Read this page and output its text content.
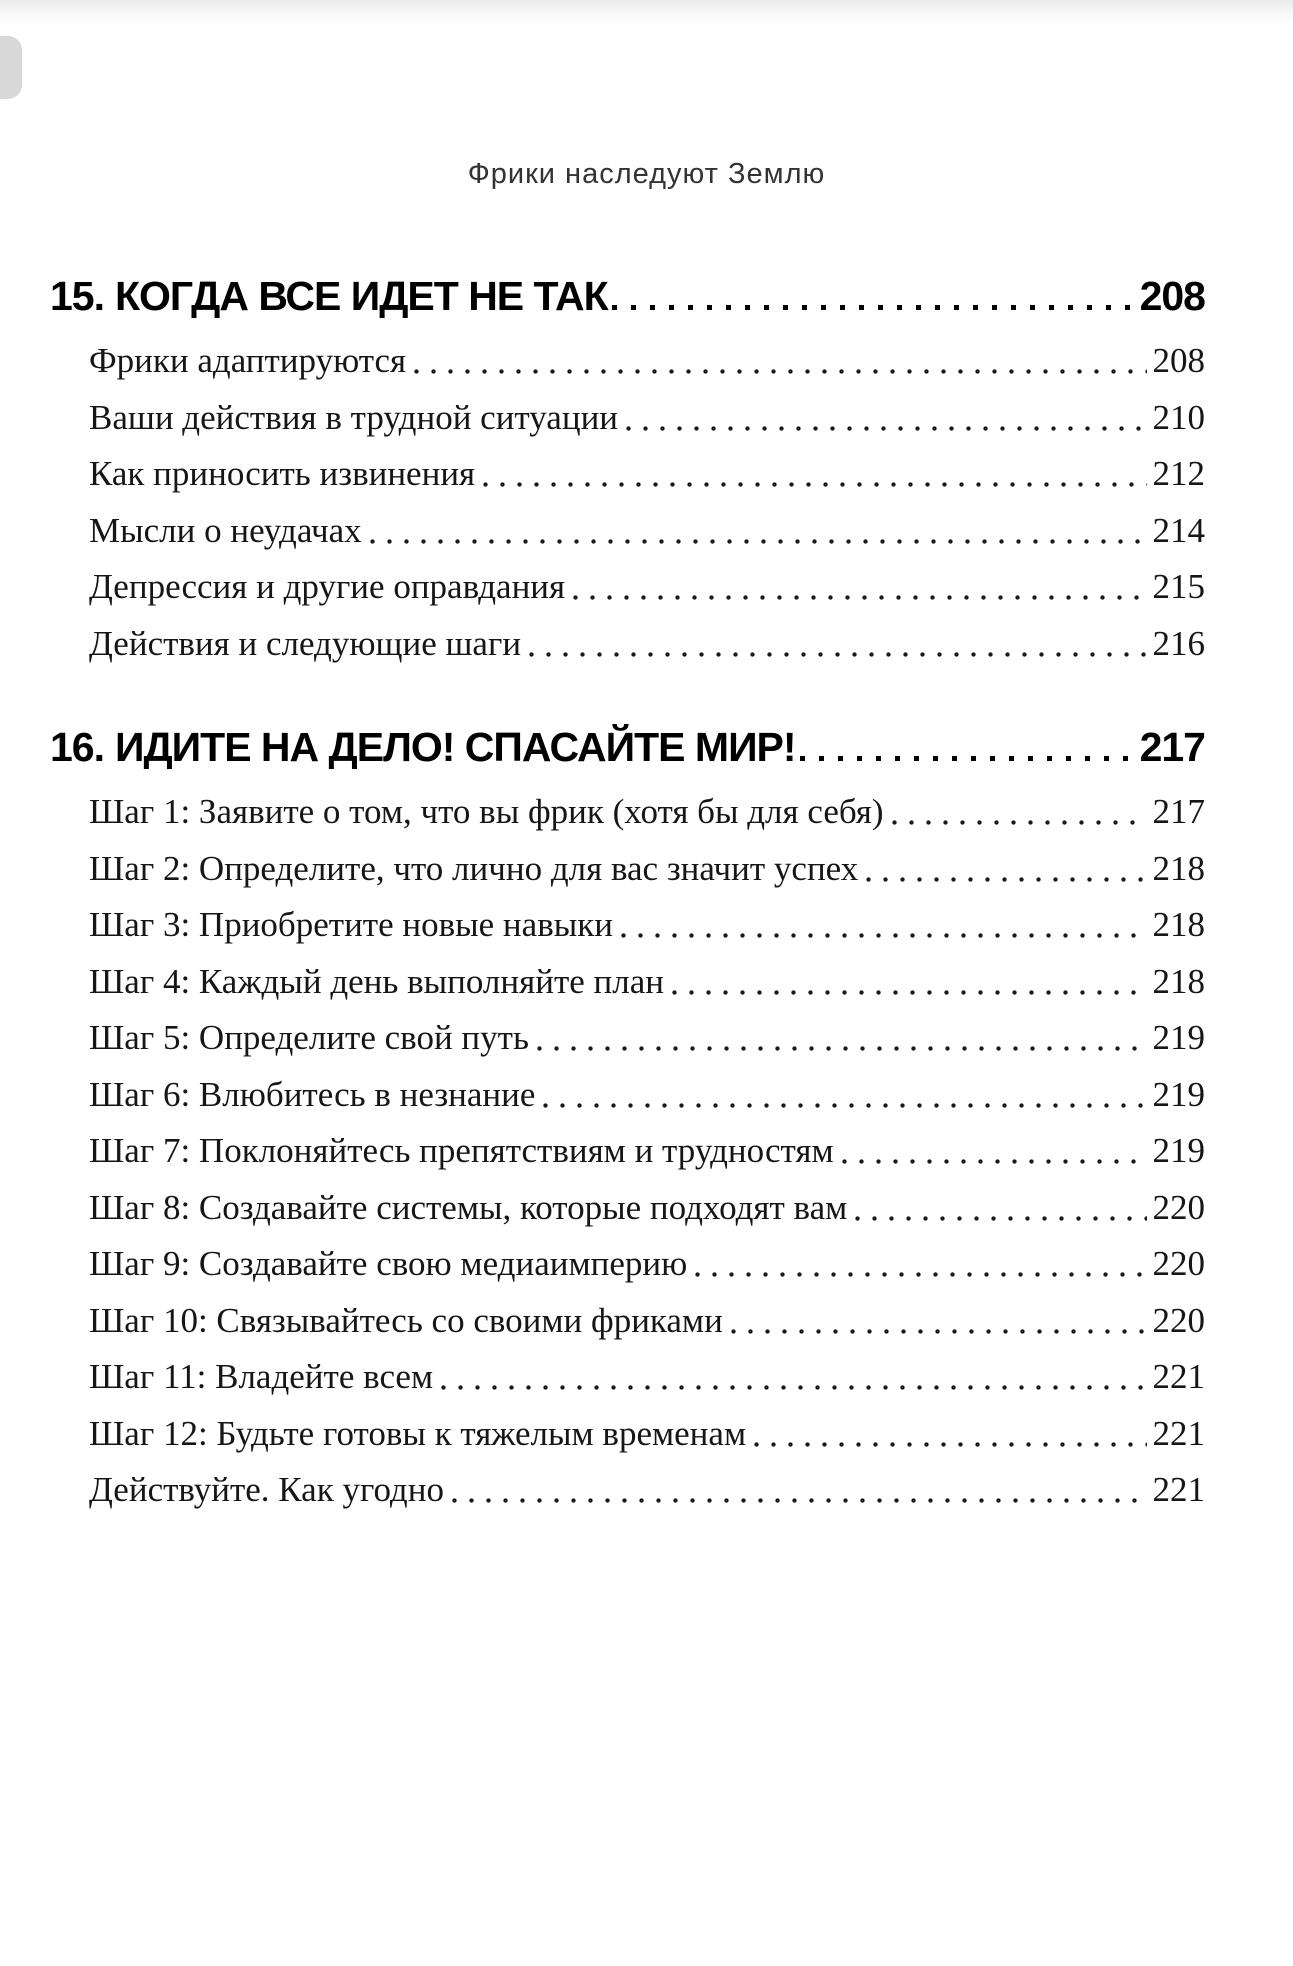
Фрики наследуют Землю
15. КОГДА ВСЕ ИДЕТ НЕ ТАК	208
Фрики адаптируются	208
Ваши действия в трудной ситуации	210
Как приносить извинения	212
Мысли о неудачах	214
Депрессия и другие оправдания	215
Действия и следующие шаги	216
16. ИДИТЕ НА ДЕЛО! СПАСАЙТЕ МИР!	217
Шаг 1: Заявите о том, что вы фрик (хотя бы для себя)	217
Шаг 2: Определите, что лично для вас значит успех	218
Шаг 3: Приобретите новые навыки	218
Шаг 4: Каждый день выполняйте план	218
Шаг 5: Определите свой путь	219
Шаг 6: Влюбитесь в незнание	219
Шаг 7: Поклоняйтесь препятствиям и трудностям	219
Шаг 8: Создавайте системы, которые подходят вам	220
Шаг 9: Создавайте свою медиаимперию	220
Шаг 10: Связывайтесь со своими фриками	220
Шаг 11: Владейте всем	221
Шаг 12: Будьте готовы к тяжелым временам	221
Действуйте. Как угодно	221
